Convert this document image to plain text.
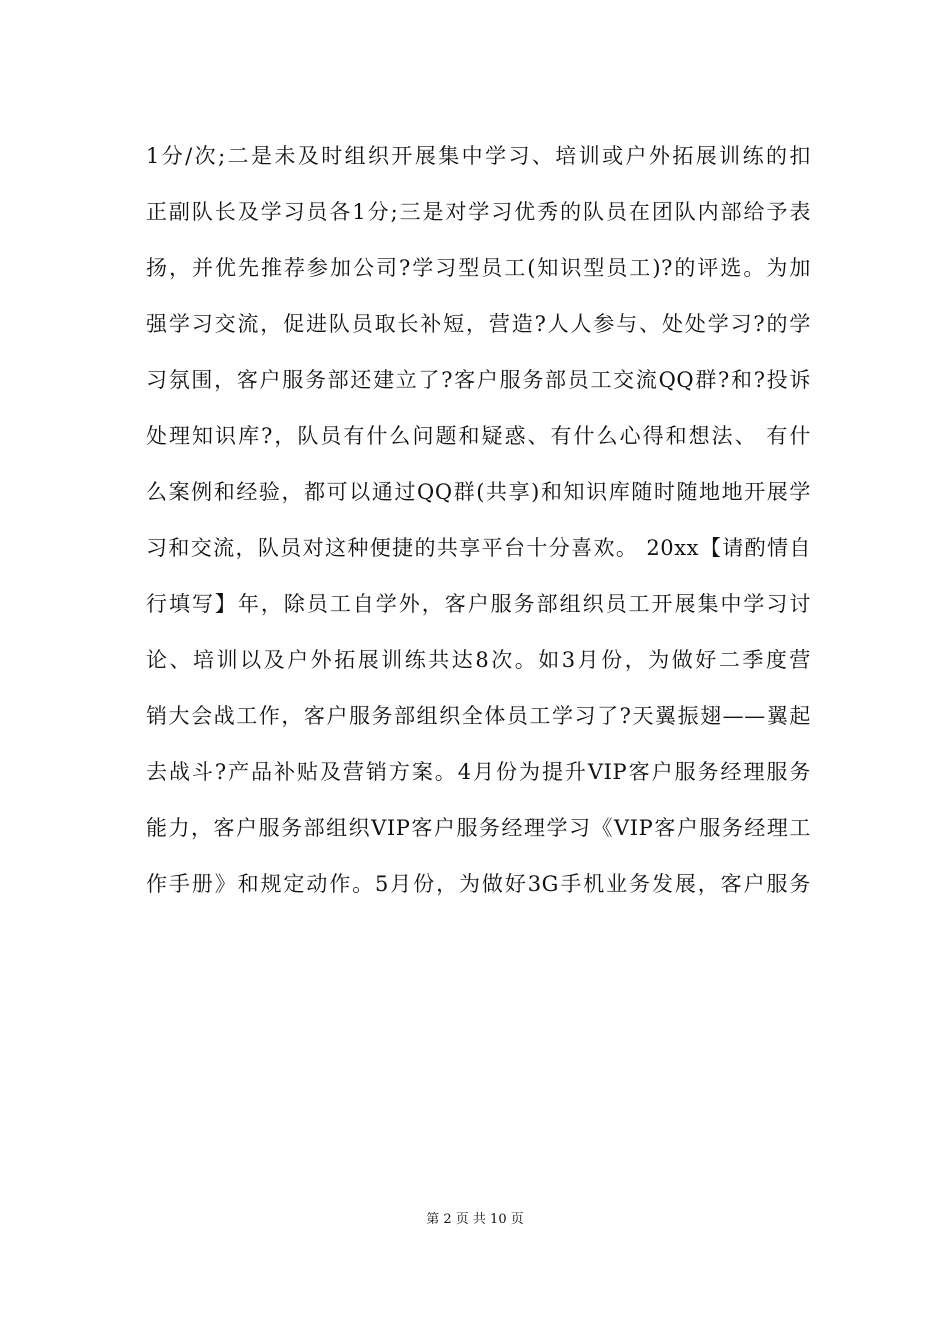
1分/次;二是未及时组织开展集中学习、培训或户外拓展训练的扣
正副队长及学习员各1分;三是对学习优秀的队员在团队内部给予表
扬，并优先推荐参加公司?学习型员工(知识型员工)?的评选。为加
强学习交流，促进队员取长补短，营造?人人参与、处处学习?的学
习氛围，客户服务部还建立了?客户服务部员工交流QQ群?和?投诉
处理知识库?，队员有什么问题和疑惑、有什么心得和想法、 有什
么案例和经验，都可以通过QQ群(共享)和知识库随时随地地开展学
习和交流，队员对这种便捷的共享平台十分喜欢。 20xx【请酌情自
行填写】年，除员工自学外，客户服务部组织员工开展集中学习讨
论、培训以及户外拓展训练共达8次。如3月份，为做好二季度营
销大会战工作，客户服务部组织全体员工学习了?天翼振翅——翼起
去战斗?产品补贴及营销方案。4月份为提升VIP客户服务经理服务
能力，客户服务部组织VIP客户服务经理学习《VIP客户服务经理工
作手册》和规定动作。5月份，为做好3G手机业务发展，客户服务
第 2 页 共 10 页
